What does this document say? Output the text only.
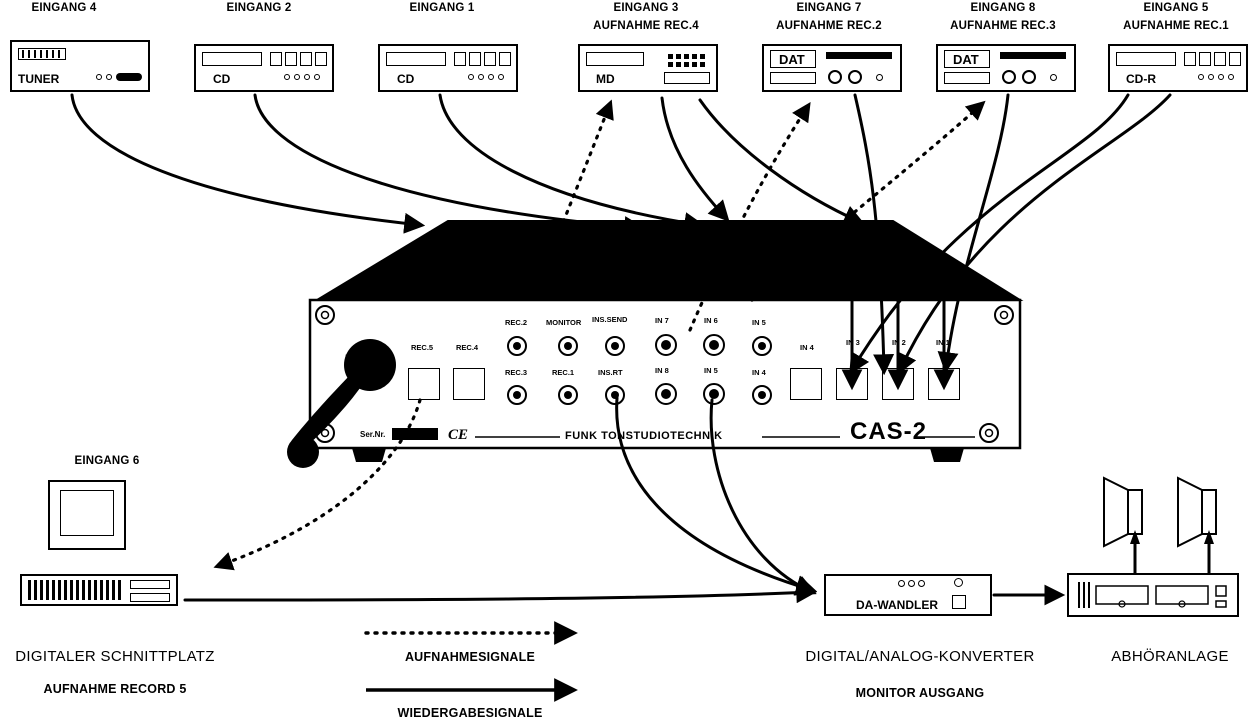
EINGANG 4	EINGANG 2	EINGANG 1	EINGANG 3
AUFNAHME REC.4
EINGANG 7
AUFNAHME REC.2
EINGANG 8
AUFNAHME REC.3
EINGANG 5
AUFNAHME REC.1
TUNER	CD	CD	MD
DAT	DAT
CD-R
POWER
Ser.Nr.	CE	FUNK TONSTUDIOTECHNIK	CAS-2
REC.5	REC.4	IN 4
IN 3	IN 2	IN 1
REC.2	MONITOR INS.SEND	IN 7	IN 6	IN 5
REC.3	REC.1	INS.RT	IN 8	IN 5	IN 4
EINGANG 6
DIGITALER SCHNITTPLATZ
AUFNAHME RECORD 5
DA-WANDLER
DIGITAL/ANALOG-KONVERTER
MONITOR AUSGANG
ABHÖRANLAGE
AUFNAHMESIGNALE
WIEDERGABESIGNALE
